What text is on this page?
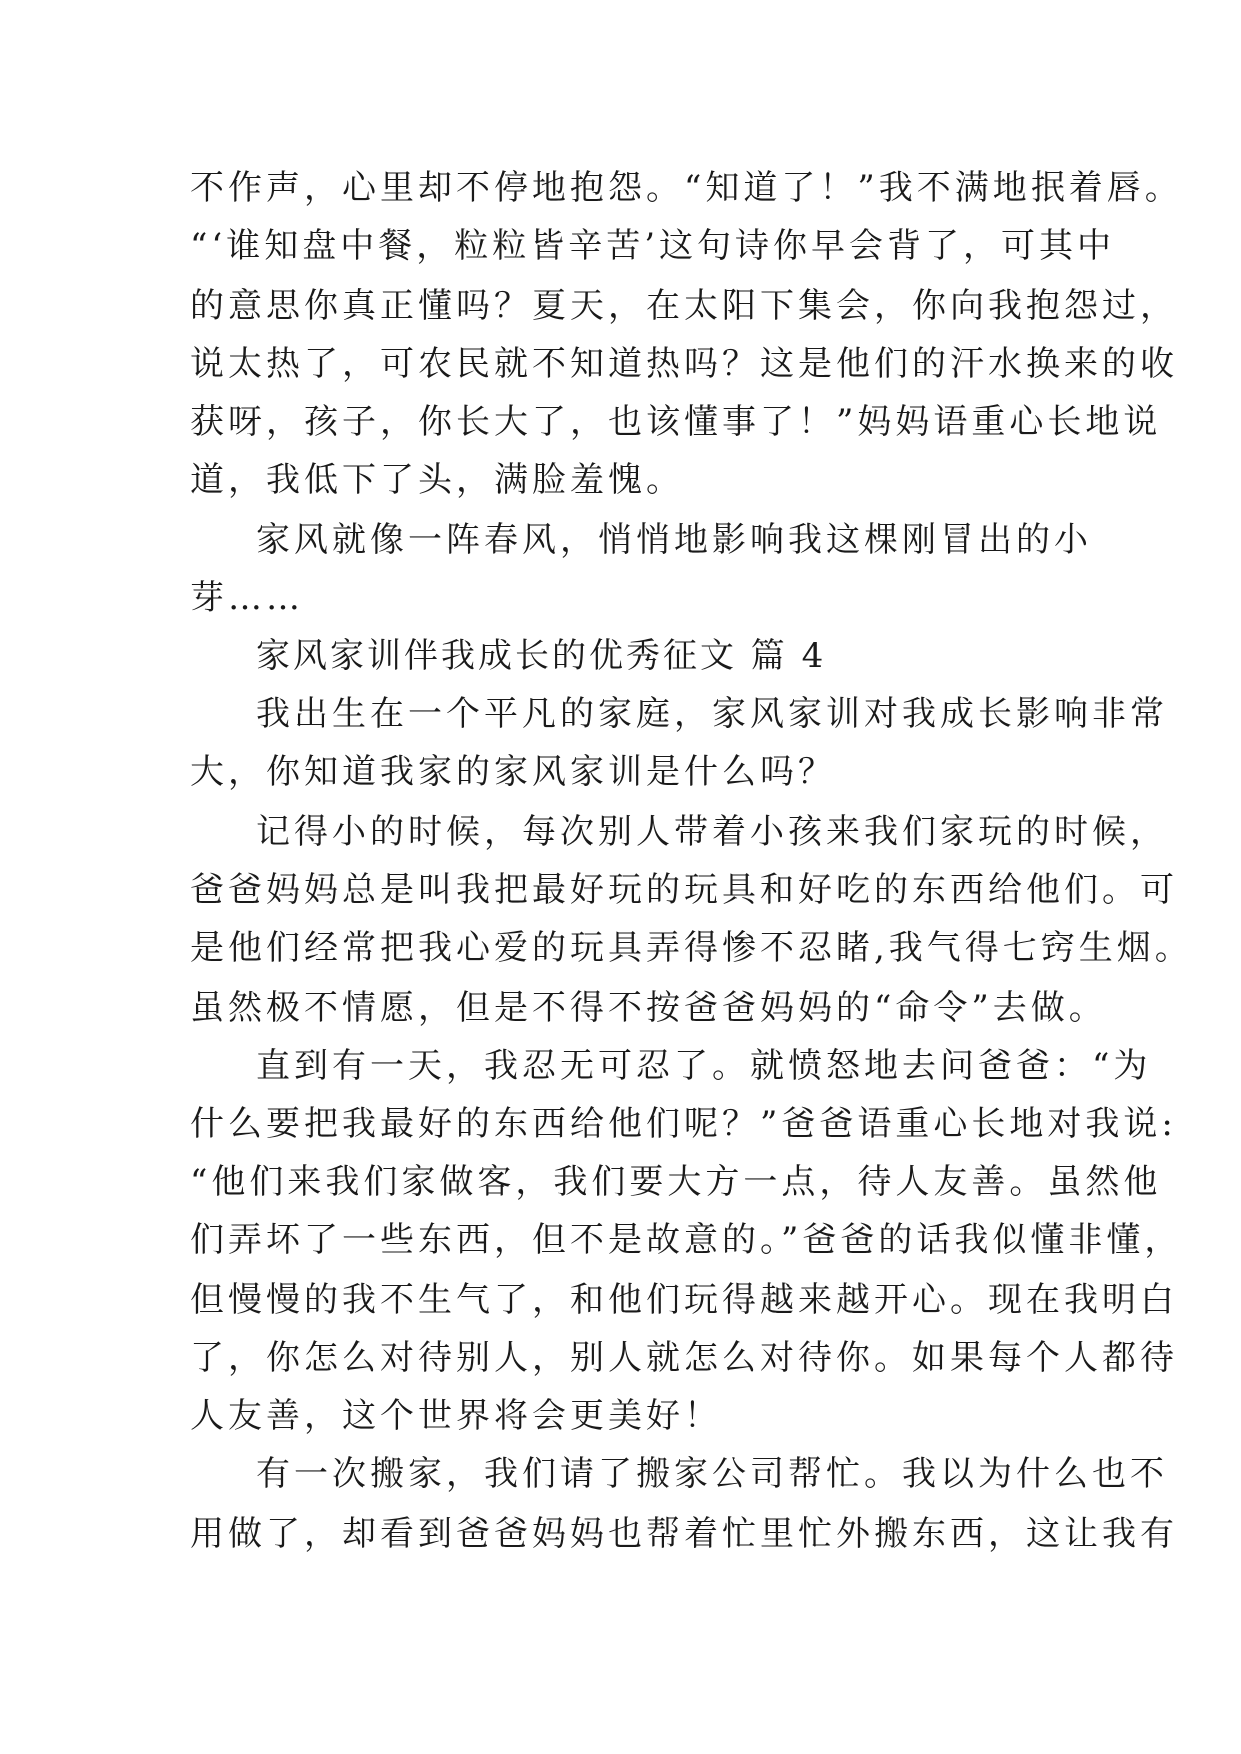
不作声，心里却不停地抱怨。“知道了！”我不满地抿着唇。
“‘谁知盘中餐，粒粒皆辛苦’这句诗你早会背了，可其中
的意思你真正懂吗？夏天，在太阳下集会，你向我抱怨过，
说太热了，可农民就不知道热吗？这是他们的汗水换来的收
获呀，孩子，你长大了，也该懂事了！”妈妈语重心长地说
道，我低下了头，满脸羞愧。
家风就像一阵春风，悄悄地影响我这棵刚冒出的小
芽……
家风家训伴我成长的优秀征文 篇 4
我出生在一个平凡的家庭，家风家训对我成长影响非常
大，你知道我家的家风家训是什么吗？
记得小的时候，每次别人带着小孩来我们家玩的时候，
爸爸妈妈总是叫我把最好玩的玩具和好吃的东西给他们。可
是他们经常把我心爱的玩具弄得惨不忍睹,我气得七窍生烟。
虽然极不情愿，但是不得不按爸爸妈妈的“命令”去做。
直到有一天，我忍无可忍了。就愤怒地去问爸爸：“为
什么要把我最好的东西给他们呢？”爸爸语重心长地对我说:
“他们来我们家做客，我们要大方一点，待人友善。虽然他
们弄坏了一些东西，但不是故意的。”爸爸的话我似懂非懂，
但慢慢的我不生气了，和他们玩得越来越开心。现在我明白
了，你怎么对待别人，别人就怎么对待你。如果每个人都待
人友善，这个世界将会更美好！
有一次搬家，我们请了搬家公司帮忙。我以为什么也不
用做了，却看到爸爸妈妈也帮着忙里忙外搬东西，这让我有
